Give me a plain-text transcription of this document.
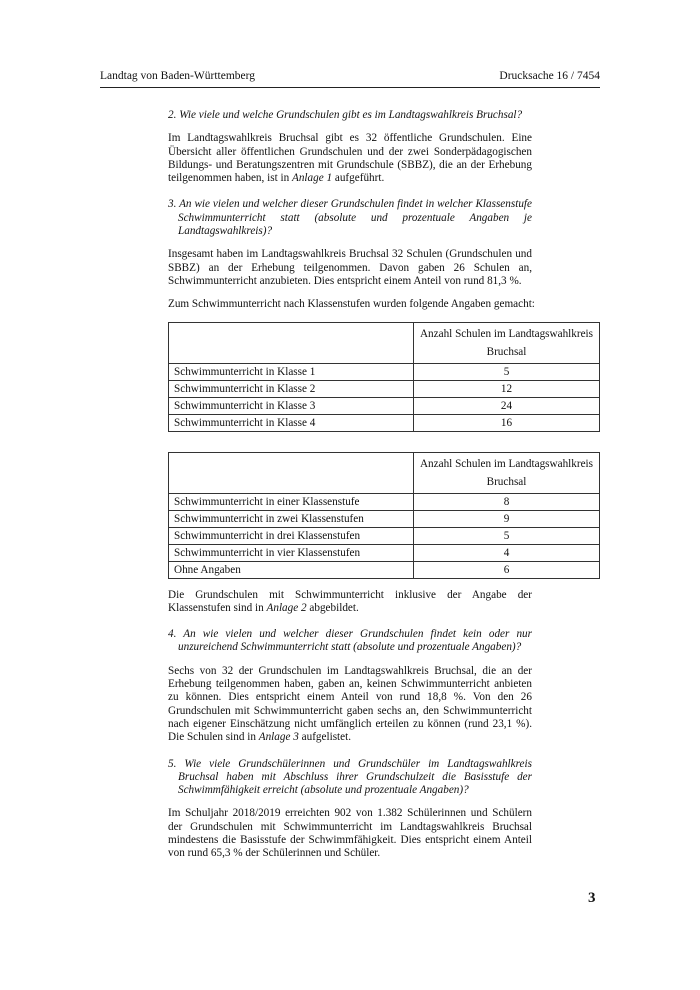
Landtag von Baden-Württemberg	Drucksache 16 / 7454

2. Wie viele und welche Grundschulen gibt es im Landtagswahlkreis Bruchsal?

Im Landtagswahlkreis Bruchsal gibt es 32 öffentliche Grundschulen. Eine Übersicht aller öffentlichen Grundschulen und der zwei Sonderpädagogischen Bildungs- und Beratungszentren mit Grundschule (SBBZ), die an der Erhebung teilgenommen haben, ist in Anlage 1 aufgeführt.

3. An wie vielen und welcher dieser Grundschulen findet in welcher Klassenstufe Schwimmunterricht statt (absolute und prozentuale Angaben je Landtagswahlkreis)?

Insgesamt haben im Landtagswahlkreis Bruchsal 32 Schulen (Grundschulen und SBBZ) an der Erhebung teilgenommen. Davon gaben 26 Schulen an, Schwimmunterricht anzubieten. Dies entspricht einem Anteil von rund 81,3 %.

Zum Schwimmunterricht nach Klassenstufen wurden folgende Angaben gemacht:

	Anzahl Schulen im Landtagswahlkreis Bruchsal
Schwimmunterricht in Klasse 1	5
Schwimmunterricht in Klasse 2	12
Schwimmunterricht in Klasse 3	24
Schwimmunterricht in Klasse 4	16
	Anzahl Schulen im Landtagswahlkreis Bruchsal
Schwimmunterricht in einer Klassenstufe	8
Schwimmunterricht in zwei Klassenstufen	9
Schwimmunterricht in drei Klassenstufen	5
Schwimmunterricht in vier Klassenstufen	4
Ohne Angaben	6

Die Grundschulen mit Schwimmunterricht inklusive der Angabe der Klassenstufen sind in Anlage 2 abgebildet.

4. An wie vielen und welcher dieser Grundschulen findet kein oder nur unzureichend Schwimmunterricht statt (absolute und prozentuale Angaben)?

Sechs von 32 der Grundschulen im Landtagswahlkreis Bruchsal, die an der Erhebung teilgenommen haben, gaben an, keinen Schwimmunterricht anbieten zu können. Dies entspricht einem Anteil von rund 18,8 %. Von den 26 Grundschulen mit Schwimmunterricht gaben sechs an, den Schwimmunterricht nach eigener Einschätzung nicht umfänglich erteilen zu können (rund 23,1 %). Die Schulen sind in Anlage 3 aufgelistet.

5. Wie viele Grundschülerinnen und Grundschüler im Landtagswahlkreis Bruchsal haben mit Abschluss ihrer Grundschulzeit die Basisstufe der Schwimmfähigkeit erreicht (absolute und prozentuale Angaben)?

Im Schuljahr 2018/2019 erreichten 902 von 1.382 Schülerinnen und Schülern der Grundschulen mit Schwimmunterricht im Landtagswahlkreis Bruchsal mindestens die Basisstufe der Schwimmfähigkeit. Dies entspricht einem Anteil von rund 65,3 % der Schülerinnen und Schüler.

3
